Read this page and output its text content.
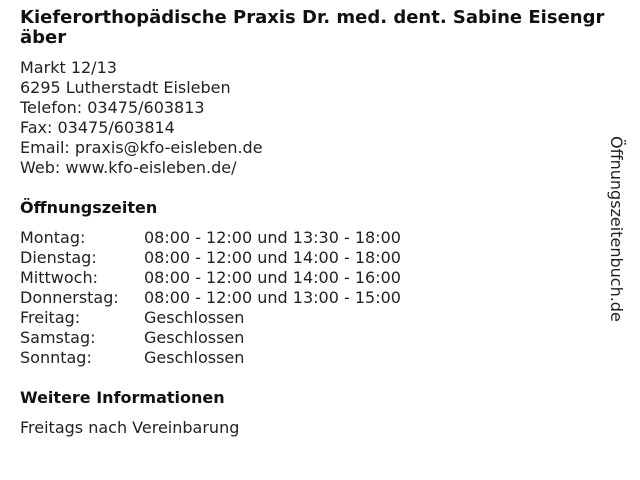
Kieferorthopädische Praxis Dr. med. dent. Sabine Eisengräber
Markt 12/13
6295 Lutherstadt Eisleben
Telefon: 03475/603813
Fax: 03475/603814
Email: praxis@kfo-eisleben.de
Web: www.kfo-eisleben.de/
Öffnungszeiten
Montag:	08:00 - 12:00 und 13:30 - 18:00
Dienstag:	08:00 - 12:00 und 14:00 - 18:00
Mittwoch:	08:00 - 12:00 und 14:00 - 16:00
Donnerstag:	08:00 - 12:00 und 13:00 - 15:00
Freitag:	Geschlossen
Samstag:	Geschlossen
Sonntag:	Geschlossen
Weitere Informationen
Freitags nach Vereinbarung
Öffnungszeitenbuch.de
